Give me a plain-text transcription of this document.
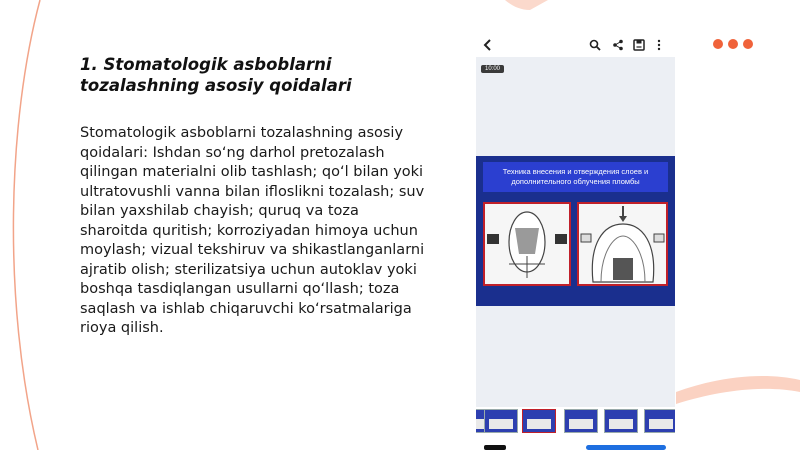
1. Stomatologik asboblarni tozalashning asosiy qoidalari

Stomatologik asboblarni tozalashning asosiy qoidalari: Ishdan so‘ng darhol pretozalash qilingan materialni olib tashlash; qo‘l bilan yoki ultratovushli vanna bilan ifloslikni tozalash; suv bilan yaxshilab chayish; quruq va toza sharoitda quritish; korroziyadan himoya uchun moylash; vizual tekshiruv va shikastlanganlarni ajratib olish; sterilizatsiya uchun autoklav yoki boshqa tasdiqlangan usullarni qo‘llash; toza saqlash va ishlab chiqaruvchi ko‘rsatmalariga rioya qilish.

10:00
Техника внесения и отверждения слоев и дополнительного облучения пломбы
